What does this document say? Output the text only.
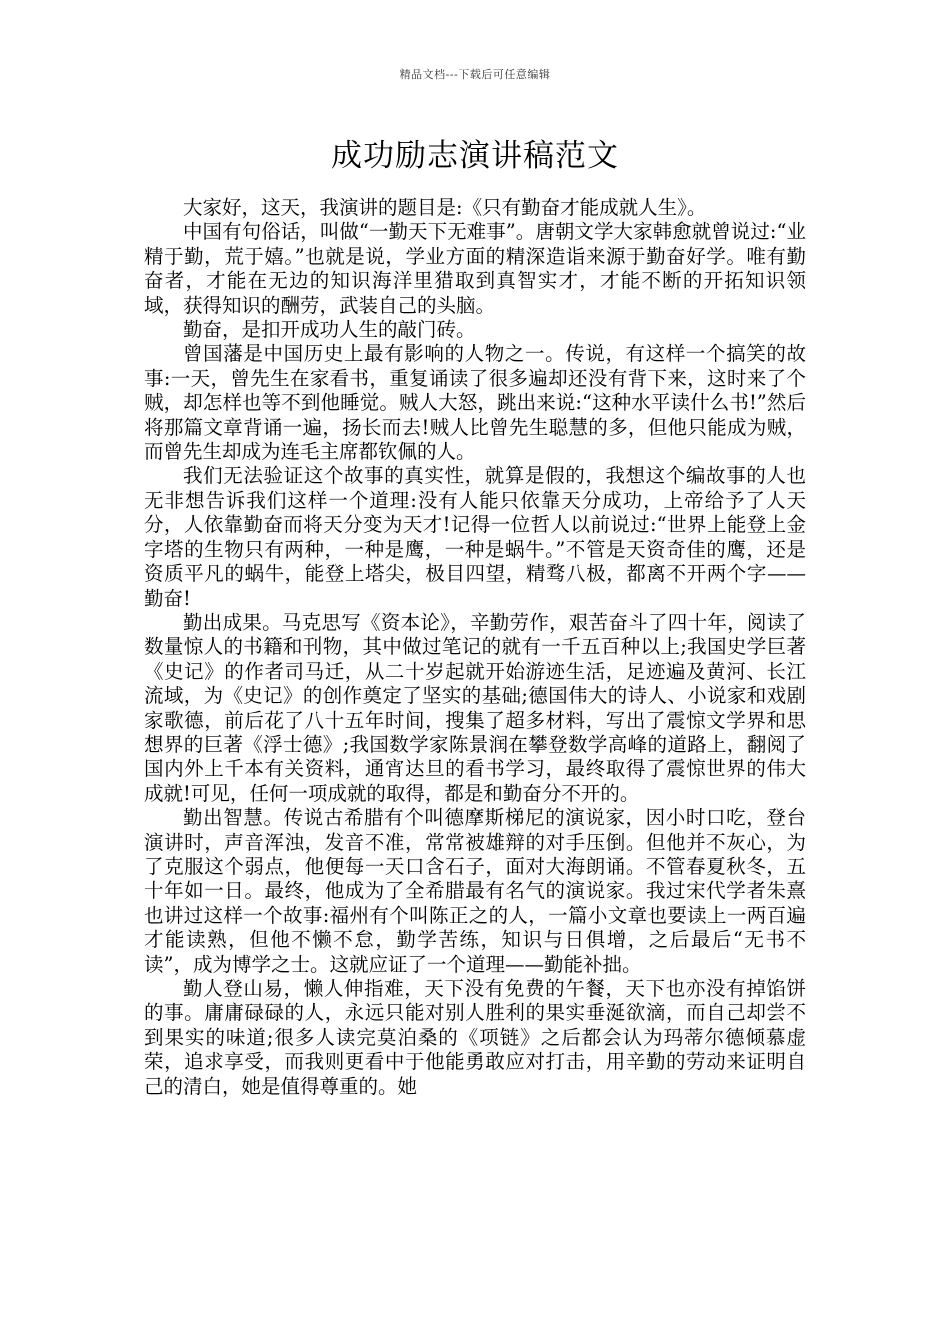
精品文档---下载后可任意编辑
成功励志演讲稿范文

大家好，这天，我演讲的题目是:《只有勤奋才能成就人生》。

中国有句俗话，叫做“一勤天下无难事”。唐朝文学大家韩愈就曾说过:“业精于勤，荒于嬉。”也就是说，学业方面的精深造诣来源于勤奋好学。唯有勤奋者，才能在无边的知识海洋里猎取到真智实才，才能不断的开拓知识领域，获得知识的酬劳，武装自己的头脑。

勤奋，是扣开成功人生的敲门砖。

曾国藩是中国历史上最有影响的人物之一。传说，有这样一个搞笑的故事:一天，曾先生在家看书，重复诵读了很多遍却还没有背下来，这时来了个贼，却怎样也等不到他睡觉。贼人大怒，跳出来说:“这种水平读什么书!”然后将那篇文章背诵一遍，扬长而去!贼人比曾先生聪慧的多，但他只能成为贼，而曾先生却成为连毛主席都钦佩的人。

我们无法验证这个故事的真实性，就算是假的，我想这个编故事的人也无非想告诉我们这样一个道理:没有人能只依靠天分成功，上帝给予了人天分，人依靠勤奋而将天分变为天才!记得一位哲人以前说过:“世界上能登上金字塔的生物只有两种，一种是鹰，一种是蜗牛。”不管是天资奇佳的鹰，还是资质平凡的蜗牛，能登上塔尖，极目四望，精骛八极，都离不开两个字——勤奋!

勤出成果。马克思写《资本论》，辛勤劳作，艰苦奋斗了四十年，阅读了数量惊人的书籍和刊物，其中做过笔记的就有一千五百种以上;我国史学巨著《史记》的作者司马迁，从二十岁起就开始游迹生活，足迹遍及黄河、长江流域，为《史记》的创作奠定了坚实的基础;德国伟大的诗人、小说家和戏剧家歌德，前后花了八十五年时间，搜集了超多材料，写出了震惊文学界和思想界的巨著《浮士德》;我国数学家陈景润在攀登数学高峰的道路上，翻阅了国内外上千本有关资料，通宵达旦的看书学习，最终取得了震惊世界的伟大成就!可见，任何一项成就的取得，都是和勤奋分不开的。

勤出智慧。传说古希腊有个叫德摩斯梯尼的演说家，因小时口吃，登台演讲时，声音浑浊，发音不准，常常被雄辩的对手压倒。但他并不灰心，为了克服这个弱点，他便每一天口含石子，面对大海朗诵。不管春夏秋冬，五十年如一日。最终，他成为了全希腊最有名气的演说家。我过宋代学者朱熹也讲过这样一个故事:福州有个叫陈正之的人，一篇小文章也要读上一两百遍才能读熟，但他不懒不怠，勤学苦练，知识与日俱增，之后最后“无书不读”，成为博学之士。这就应证了一个道理——勤能补拙。

勤人登山易，懒人伸指难，天下没有免费的午餐，天下也亦没有掉馅饼的事。庸庸碌碌的人，永远只能对别人胜利的果实垂涎欲滴，而自己却尝不到果实的味道;很多人读完莫泊桑的《项链》之后都会认为玛蒂尔德倾慕虚荣，追求享受，而我则更看中于他能勇敢应对打击，用辛勤的劳动来证明自己的清白，她是值得尊重的。她
